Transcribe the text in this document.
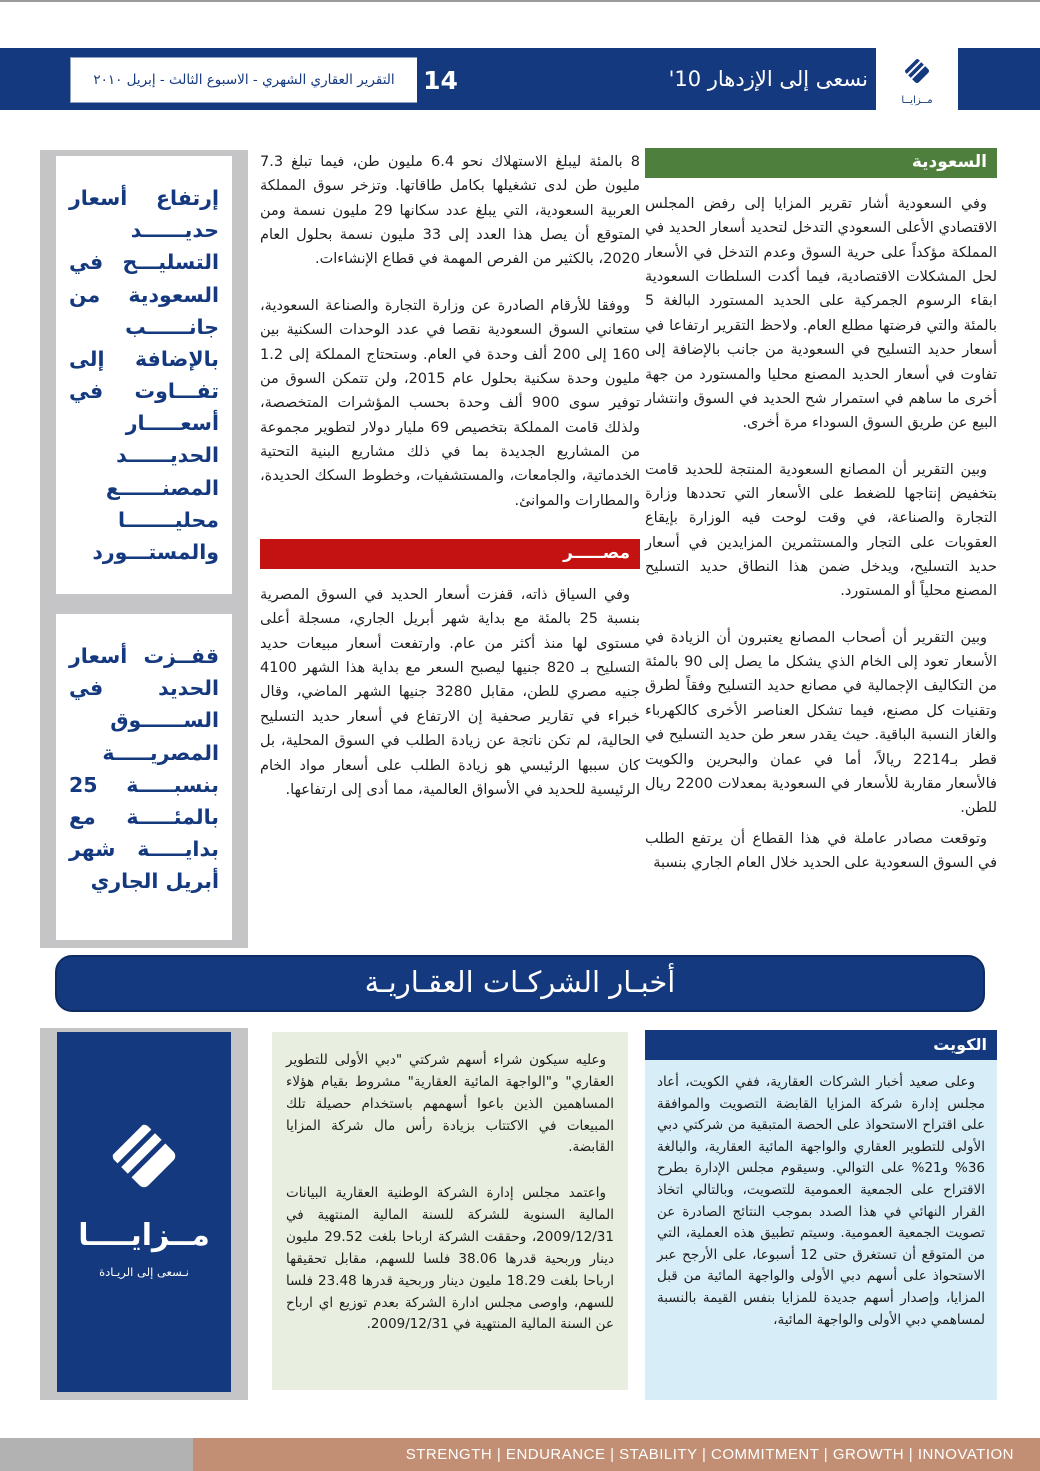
مــزايــا
نسعى إلى الإزدهار 10'
التقرير العقاري الشهري - الاسبوع الثالث - إبريل ٢٠١٠	14
السعودية

وفي السعودية أشار تقرير المزايا إلى رفض المجلس الاقتصادي الأعلى السعودي التدخل لتحديد أسعار الحديد في المملكة مؤكداً على حرية السوق وعدم التدخل في الأسعار لحل المشكلات الاقتصادية، فيما أكدت السلطات السعودية ابقاء الرسوم الجمركية على الحديد المستورد البالغة 5 بالمئة والتي فرضتها مطلع العام. ولاحظ التقرير ارتفاعا في أسعار حديد التسليح في السعودية من جانب بالإضافة إلى تفاوت في أسعار الحديد المصنع محليا والمستورد من جهة أخرى ما ساهم في استمرار شح الحديد في السوق وانتشار البيع عن طريق السوق السوداء مرة أخرى.

وبين التقرير أن المصانع السعودية المنتجة للحديد قامت بتخفيض إنتاجها للضغط على الأسعار التي تحددها وزارة التجارة والصناعة، في وقت لوحت فيه الوزارة بإيقاع العقوبات على التجار والمستثمرين المزايدين في أسعار حديد التسليح، ويدخل ضمن هذا النطاق حديد التسليح المصنع محلياً أو المستورد.

وبين التقرير أن أصحاب المصانع يعتبرون أن الزيادة في الأسعار تعود إلى الخام الذي يشكل ما يصل إلى 90 بالمئة من التكاليف الإجمالية في مصانع حديد التسليح وفقاً لطرق وتقنيات كل مصنع، فيما تشكل العناصر الأخرى كالكهرباء والغاز النسبة الباقية. حيث يقدر سعر طن حديد التسليح في قطر بـ2214 ريالاً، أما في عمان والبحرين والكويت فالأسعار مقاربة للأسعار في السعودية بمعدلات 2200 ريال للطن.

وتوقعت مصادر عاملة في هذا القطاع أن يرتفع الطلب في السوق السعودية على الحديد خلال العام الجاري بنسبة

8 بالمئة ليبلغ الاستهلاك نحو 6.4 مليون طن، فيما تبلغ 7.3 مليون طن لدى تشغيلها بكامل طاقاتها. وتزخر سوق المملكة العربية السعودية، التي يبلغ عدد سكانها 29 مليون نسمة ومن المتوقع أن يصل هذا العدد إلى 33 مليون نسمة بحلول العام 2020، بالكثير من الفرص المهمة في قطاع الإنشاءات.

ووفقا للأرقام الصادرة عن وزارة التجارة والصناعة السعودية، ستعاني السوق السعودية نقصا في عدد الوحدات السكنية بين 160 إلى 200 ألف وحدة في العام. وستحتاج المملكة إلى 1.2 مليون وحدة سكنية بحلول عام 2015، ولن تتمكن السوق من توفير سوى 900 ألف وحدة بحسب المؤشرات المتخصصة، ولذلك قامت المملكة بتخصيص 69 مليار دولار لتطوير مجموعة من المشاريع الجديدة بما في ذلك مشاريع البنية التحتية الخدماتية، والجامعات، والمستشفيات، وخطوط السكك الحديدة، والمطارات والموانئ.

مصـــــر

وفي السياق ذاته، قفزت أسعار الحديد في السوق المصرية بنسبة 25 بالمئة مع بداية شهر أبريل الجاري، مسجلة أعلى مستوى لها منذ أكثر من عام. وارتفعت أسعار مبيعات حديد التسليح بـ 820 جنيها ليصبح السعر مع بداية هذا الشهر 4100 جنيه مصري للطن، مقابل 3280 جنيها الشهر الماضي، وقال خبراء في تقارير صحفية إن الارتفاع في أسعار حديد التسليح الحالية، لم تكن ناتجة عن زيادة الطلب في السوق المحلية، بل كان سببها الرئيسي هو زيادة الطلب على أسعار مواد الخام الرئيسية للحديد في الأسواق العالمية، مما أدى إلى ارتفاعها.

إرتفاع أسعار حديــــــد التسليـــح في السعودية من جانــــــب بالإضافة إلى تفـــاوت في أسعـــــار الحديــــــد المصنــــــع محليـــــــا والمستـــورد

قفــزت أسعار الحديد في الســــــوق المصريـــــة بنسبـــــة 25 بالمئـــــة مع بدايـــــة شهر أبريل الجاري

أخبـار الشركـات العقـاريـة
الكويت

وعلى صعيد أخبار الشركات العقارية، ففي الكويت، أعاد مجلس إدارة شركة المزايا القابضة التصويت والموافقة على اقتراح الاستحواذ على الحصة المتبقية من شركتي دبي الأولى للتطوير العقاري والواجهة المائية العقارية، والبالغة 36% و21% على التوالي. وسيقوم مجلس الإدارة بطرح الاقتراح على الجمعية العمومية للتصويت، وبالتالي اتخاذ القرار النهائي في هذا الصدد بموجب النتائج الصادرة عن تصويت الجمعية العمومية. وسيتم تطبيق هذه العملية، التي من المتوقع أن تستغرق حتى 12 أسبوعا، على الأرجح عبر الاستحواذ على أسهم دبي الأولى والواجهة المائية من قبل المزايا، وإصدار أسهم جديدة للمزايا بنفس القيمة بالنسبة لمساهمي دبي الأولى والواجهة المائية،

وعليه سيكون شراء أسهم شركتي "دبي الأولى للتطوير العقاري" و"الواجهة المائية العقارية" مشروط بقيام هؤلاء المساهمين الذين باعوا أسهمهم باستخدام حصيلة تلك المبيعات في الاكتتاب بزيادة رأس مال شركة المزايا القابضة.

واعتمد مجلس إدارة الشركة الوطنية العقارية البيانات المالية السنوية للشركة للسنة المالية المنتهية في 2009/12/31، وحققت الشركة ارباحا بلغت 29.52 مليون دينار وربحية قدرها 38.06 فلسا للسهم، مقابل تحقيقها ارباحا بلغت 18.29 مليون دينار وربحية قدرها 23.48 فلسا للسهم، واوصى مجلس ادارة الشركة بعدم توزيع اي ارباح عن السنة المالية المنتهية في 2009/12/31.

مــزايــــا
نـسعى إلى الريـادة
STRENGTH | ENDURANCE | STABILITY | COMMITMENT | GROWTH | INNOVATION
